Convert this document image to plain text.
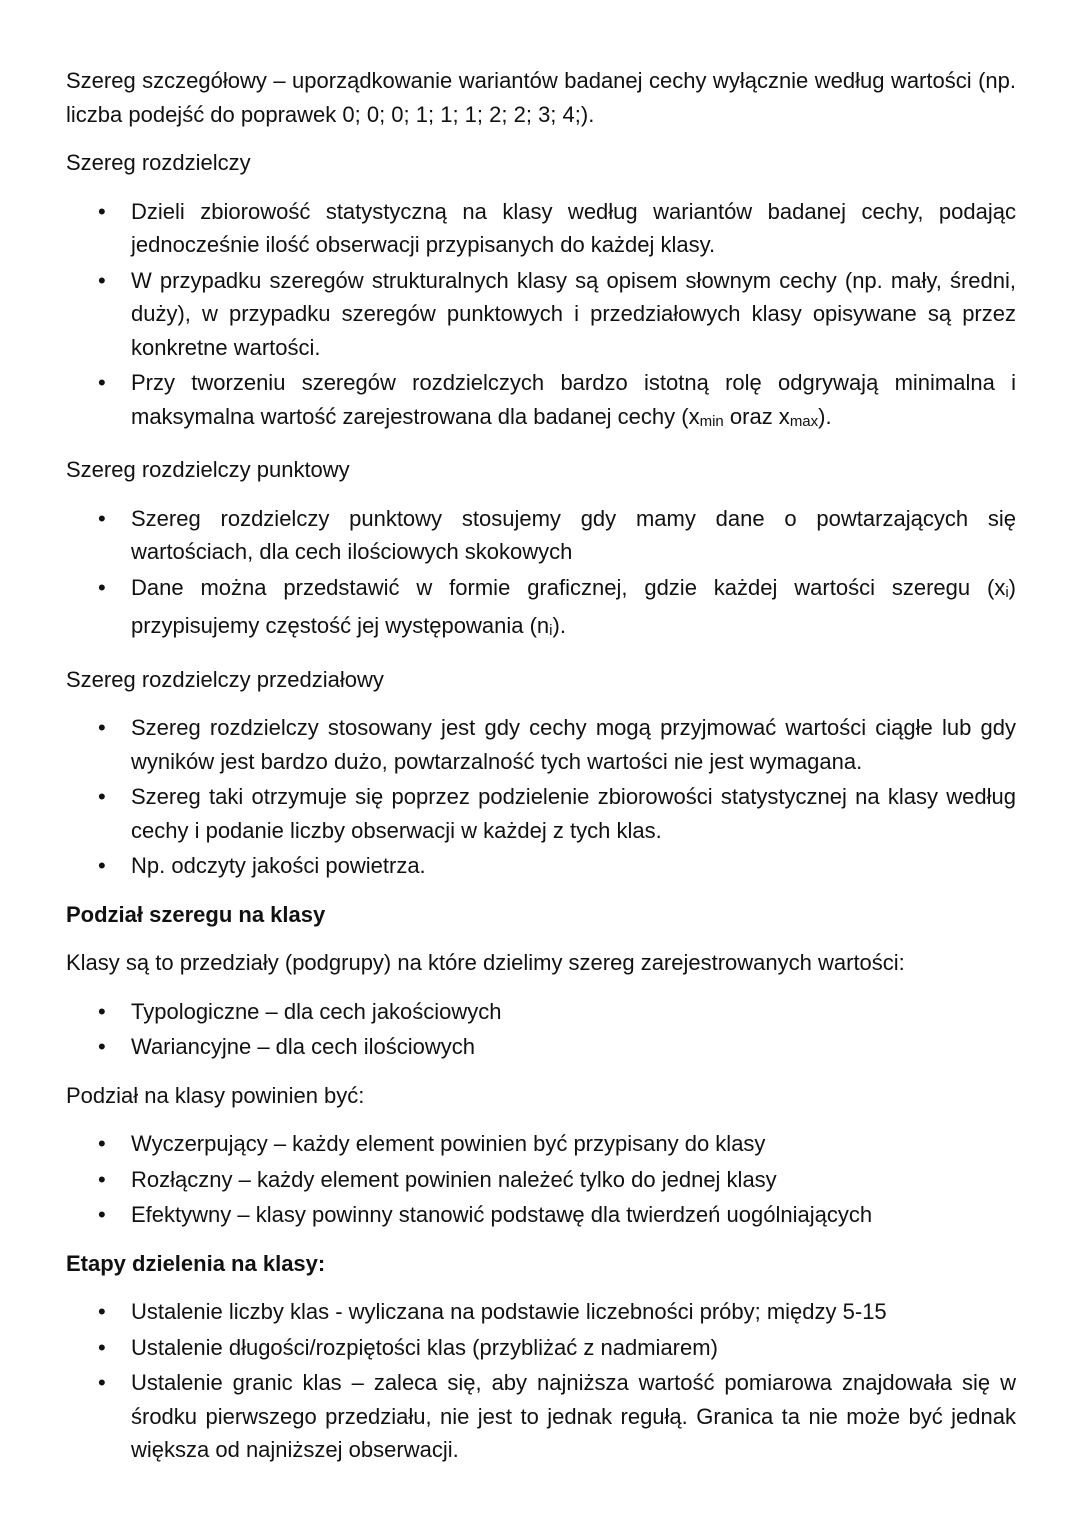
Szereg szczegółowy – uporządkowanie wariantów badanej cechy wyłącznie według wartości (np. liczba podejść do poprawek 0; 0; 0; 1; 1; 1; 2; 2; 3; 4;).

Szereg rozdzielczy

• Dzieli zbiorowość statystyczną na klasy według wariantów badanej cechy, podając jednocześnie ilość obserwacji przypisanych do każdej klasy.
• W przypadku szeregów strukturalnych klasy są opisem słownym cechy (np. mały, średni, duży), w przypadku szeregów punktowych i przedziałowych klasy opisywane są przez konkretne wartości.
• Przy tworzeniu szeregów rozdzielczych bardzo istotną rolę odgrywają minimalna i maksymalna wartość zarejestrowana dla badanej cechy (xmin oraz xmax).

Szereg rozdzielczy punktowy

• Szereg rozdzielczy punktowy stosujemy gdy mamy dane o powtarzających się wartościach, dla cech ilościowych skokowych
• Dane można przedstawić w formie graficznej, gdzie każdej wartości szeregu (xi) przypisujemy częstość jej występowania (ni).

Szereg rozdzielczy przedziałowy

• Szereg rozdzielczy stosowany jest gdy cechy mogą przyjmować wartości ciągłe lub gdy wyników jest bardzo dużo, powtarzalność tych wartości nie jest wymagana.
• Szereg taki otrzymuje się poprzez podzielenie zbiorowości statystycznej na klasy według cechy i podanie liczby obserwacji w każdej z tych klas.
• Np. odczyty jakości powietrza.

Podział szeregu na klasy

Klasy są to przedziały (podgrupy) na które dzielimy szereg zarejestrowanych wartości:

• Typologiczne – dla cech jakościowych
• Wariancyjne – dla cech ilościowych

Podział na klasy powinien być:

• Wyczerpujący – każdy element powinien być przypisany do klasy
• Rozłączny – każdy element powinien należeć tylko do jednej klasy
• Efektywny – klasy powinny stanowić podstawę dla twierdzeń uogólniających

Etapy dzielenia na klasy:

• Ustalenie liczby klas - wyliczana na podstawie liczebności próby; między 5-15
• Ustalenie długości/rozpiętości klas (przybliżać z nadmiarem)
• Ustalenie granic klas – zaleca się, aby najniższa wartość pomiarowa znajdowała się w środku pierwszego przedziału, nie jest to jednak regułą. Granica ta nie może być jednak większa od najniższej obserwacji.
